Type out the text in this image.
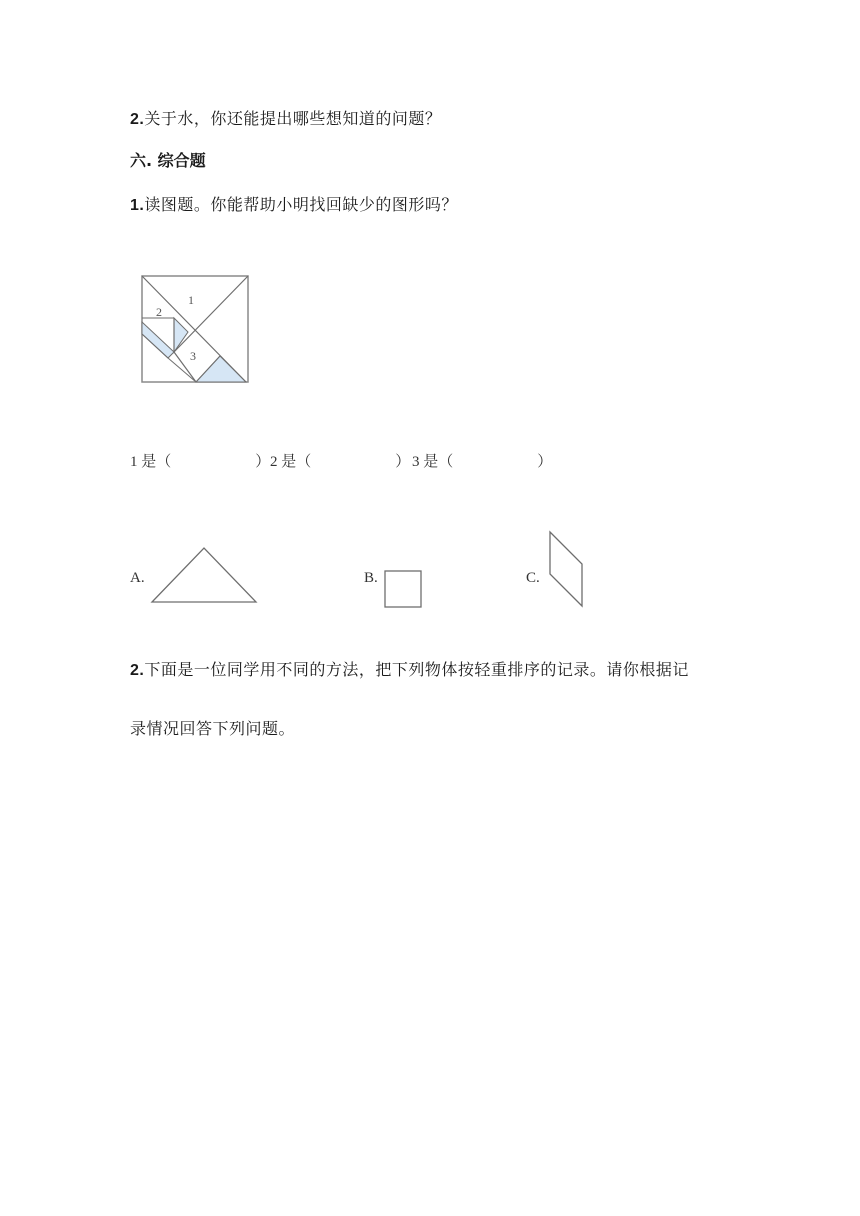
2.关于水，你还能提出哪些想知道的问题？
六. 综合题
1.读图题。你能帮助小明找回缺少的图形吗？
1
2
3
1 是（	） 2 是（	） 3 是（	）
A.	B.	C.
2.下面是一位同学用不同的方法，把下列物体按轻重排序的记录。请你根据记
录情况回答下列问题。
